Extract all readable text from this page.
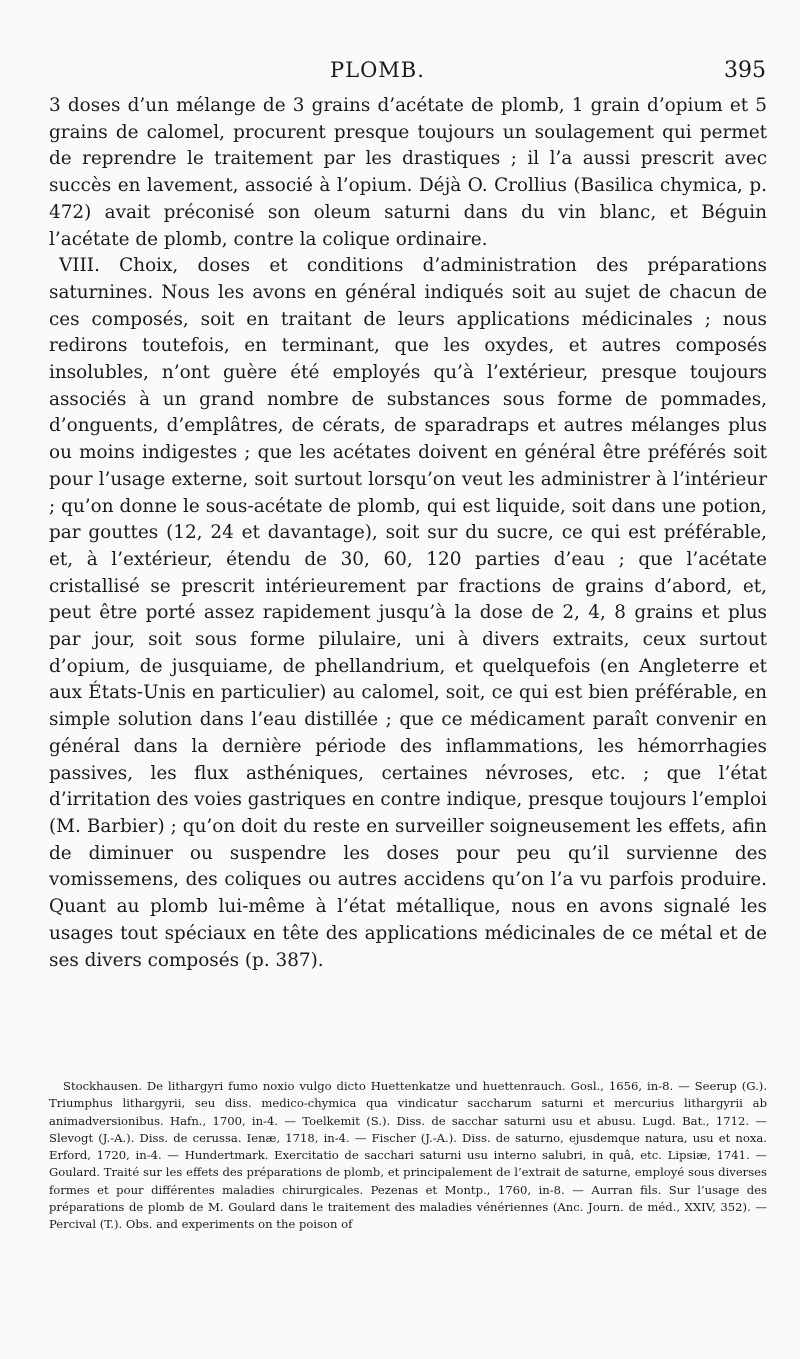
PLOMB.	395

3 doses d’un mélange de 3 grains d’acétate de plomb, 1 grain d’opium et 5 grains de calomel, procurent presque toujours un soulagement qui permet de reprendre le traitement par les drastiques ; il l’a aussi prescrit avec succès en lavement, associé à l’opium. Déjà O. Crollius (Basilica chymica, p. 472) avait préconisé son oleum saturni dans du vin blanc, et Béguin l’acétate de plomb, contre la colique ordinaire.

VIII. Choix, doses et conditions d’administration des préparations saturnines. Nous les avons en général indiqués soit au sujet de chacun de ces composés, soit en traitant de leurs applications médicinales ; nous redirons toutefois, en terminant, que les oxydes, et autres composés insolubles, n’ont guère été employés qu’à l’extérieur, presque toujours associés à un grand nombre de substances sous forme de pommades, d’onguents, d’emplâtres, de cérats, de sparadraps et autres mélanges plus ou moins indigestes ; que les acétates doivent en général être préférés soit pour l’usage externe, soit surtout lorsqu’on veut les administrer à l’intérieur ; qu’on donne le sous-acétate de plomb, qui est liquide, soit dans une potion, par gouttes (12, 24 et davantage), soit sur du sucre, ce qui est préférable, et, à l’extérieur, étendu de 30, 60, 120 parties d’eau ; que l’acétate cristallisé se prescrit intérieurement par fractions de grains d’abord, et, peut être porté assez rapidement jusqu’à la dose de 2, 4, 8 grains et plus par jour, soit sous forme pilulaire, uni à divers extraits, ceux surtout d’opium, de jusquiame, de phellandrium, et quelquefois (en Angleterre et aux États-Unis en particulier) au calomel, soit, ce qui est bien préférable, en simple solution dans l’eau distillée ; que ce médicament paraît convenir en général dans la dernière période des inflammations, les hémorrhagies passives, les flux asthéniques, certaines névroses, etc. ; que l’état d’irritation des voies gastriques en contre indique, presque toujours l’emploi (M. Barbier) ; qu’on doit du reste en surveiller soigneusement les effets, afin de diminuer ou suspendre les doses pour peu qu’il survienne des vomissemens, des coliques ou autres accidens qu’on l’a vu parfois produire. Quant au plomb lui-même à l’état métallique, nous en avons signalé les usages tout spéciaux en tête des applications médicinales de ce métal et de ses divers composés (p. 387).

Stockhausen. De lithargyri fumo noxio vulgo dicto Huettenkatze und huettenrauch. Gosl., 1656, in-8. — Seerup (G.). Triumphus lithargyrii, seu diss. medico-chymica qua vindicatur saccharum saturni et mercurius lithargyrii ab animadversionibus. Hafn., 1700, in-4. — Toelkemit (S.). Diss. de sacchar saturni usu et abusu. Lugd. Bat., 1712. — Slevogt (J.-A.). Diss. de cerussa. Ienæ, 1718, in-4. — Fischer (J.-A.). Diss. de saturno, ejusdemque natura, usu et noxa. Erford, 1720, in-4. — Hundertmark. Exercitatio de sacchari saturni usu interno salubri, in quâ, etc. Lipsiæ, 1741. — Goulard. Traité sur les effets des préparations de plomb, et principalement de l’extrait de saturne, employé sous diverses formes et pour différentes maladies chirurgicales. Pezenas et Montp., 1760, in-8. — Aurran fils. Sur l’usage des préparations de plomb de M. Goulard dans le traitement des maladies vénériennes (Anc. Journ. de méd., XXIV, 352). — Percival (T.). Obs. and experiments on the poison of
